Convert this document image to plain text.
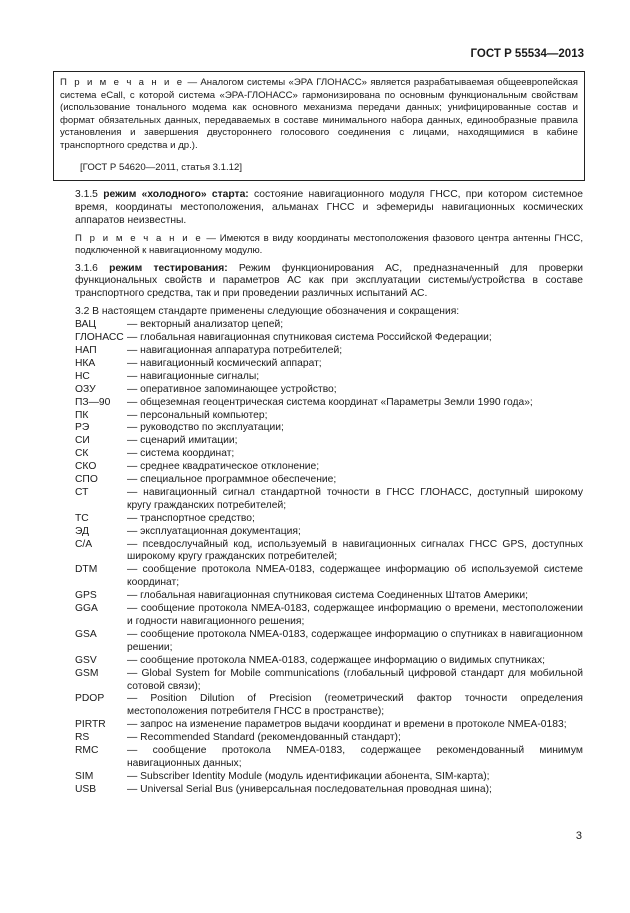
ГОСТ Р 55534—2013

П р и м е ч а н и е — Аналогом системы «ЭРА ГЛОНАСС» является разрабатываемая общеевропейская система eCall, с которой система «ЭРА-ГЛОНАСС» гармонизирована по основным функциональным свойствам (использование тонального модема как основного механизма передачи данных; унифицированные состав и формат обязательных данных, передаваемых в составе минимального набора данных, единообразные правила установления и завершения двустороннего голосового соединения с лицами, находящимися в кабине транспортного средства и др.).

[ГОСТ Р 54620—2011, статья 3.1.12]

3.1.5 режим «холодного» старта: состояние навигационного модуля ГНСС, при котором системное время, координаты местоположения, альманах ГНСС и эфемериды навигационных космических аппаратов неизвестны.

П р и м е ч а н и е — Имеются в виду координаты местоположения фазового центра антенны ГНСС, подключенной к навигационному модулю.

3.1.6 режим тестирования: Режим функционирования АС, предназначенный для проверки функциональных свойств и параметров АС как при эксплуатации системы/устройства в составе транспортного средства, так и при проведении различных испытаний АС.

3.2 В настоящем стандарте применены следующие обозначения и сокращения:

ВАЦ	— векторный анализатор цепей;
ГЛОНАСС — глобальная навигационная спутниковая система Российской Федерации;
НАП	— навигационная аппаратура потребителей;
НКА	— навигационный космический аппарат;
НС	— навигационные сигналы;
ОЗУ	— оперативное запоминающее устройство;
ПЗ—90	— общеземная геоцентрическая система координат «Параметры Земли 1990 года»;
ПК	— персональный компьютер;
РЭ	— руководство по эксплуатации;
СИ	— сценарий имитации;
СК	— система координат;
СКО	— среднее квадратическое отклонение;
СПО	— специальное программное обеспечение;
СТ	— навигационный сигнал стандартной точности в ГНСС ГЛОНАСС, доступный широкому кругу гражданских потребителей;
ТС	— транспортное средство;
ЭД	— эксплуатационная документация;
C/A	— псевдослучайный код, используемый в навигационных сигналах ГНСС GPS, доступных широкому кругу гражданских потребителей;
DTM	— сообщение протокола NMEA-0183, содержащее информацию об используемой системе координат;
GPS	— глобальная навигационная спутниковая система Соединенных Штатов Америки;
GGA	— сообщение протокола NMEA-0183, содержащее информацию о времени, местоположении и годности навигационного решения;
GSA	— сообщение протокола NMEA-0183, содержащее информацию о спутниках в навигационном решении;
GSV	— сообщение протокола NMEA-0183, содержащее информацию о видимых спутниках;
GSM	— Global System for Mobile communications (глобальный цифровой стандарт для мобильной сотовой связи);
PDOP	— Position Dilution of Precision (геометрический фактор точности определения местоположения потребителя ГНСС в пространстве);
PIRTR	— запрос на изменение параметров выдачи координат и времени в протоколе NMEA-0183;
RS	— Recommended Standard (рекомендованный стандарт);
RMC	— сообщение протокола NMEA-0183, содержащее рекомендованный минимум навигационных данных;
SIM	— Subscriber Identity Module (модуль идентификации абонента, SIM-карта);
USB	— Universal Serial Bus (универсальная последовательная проводная шина);
3
